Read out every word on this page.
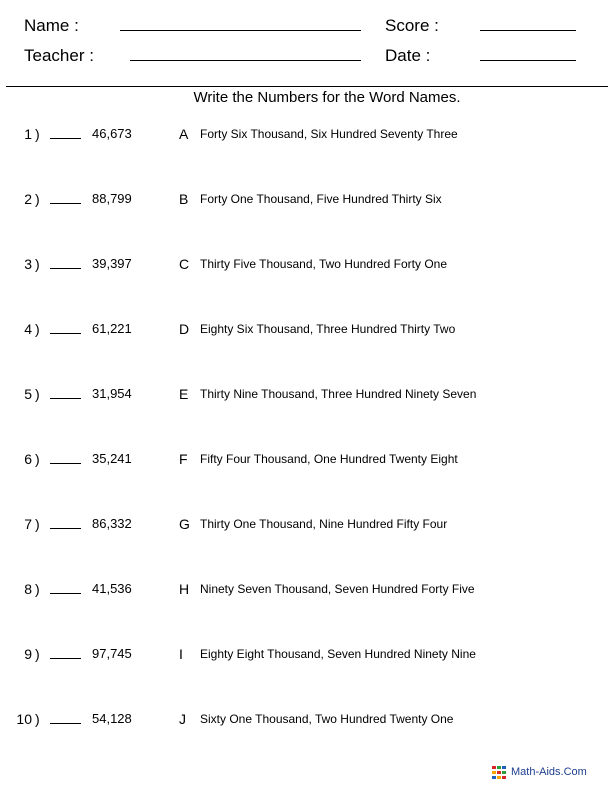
Name :	Score :
Teacher :	Date :
Write the Numbers for the Word Names.
1 )	46,673	A Forty Six Thousand, Six Hundred Seventy Three
2 )	88,799	B Forty One Thousand, Five Hundred Thirty Six
3 )	39,397	C Thirty Five Thousand, Two Hundred Forty One
4 )	61,221	D Eighty Six Thousand, Three Hundred Thirty Two
5 )	31,954	E Thirty Nine Thousand, Three Hundred Ninety Seven
6 )	35,241	F Fifty Four Thousand, One Hundred Twenty Eight
7 )	86,332	G Thirty One Thousand, Nine Hundred Fifty Four
8 )	41,536	H Ninety Seven Thousand, Seven Hundred Forty Five
9 )	97,745	I Eighty Eight Thousand, Seven Hundred Ninety Nine
10 )	54,128	J Sixty One Thousand, Two Hundred Twenty One
Math-Aids.Com
